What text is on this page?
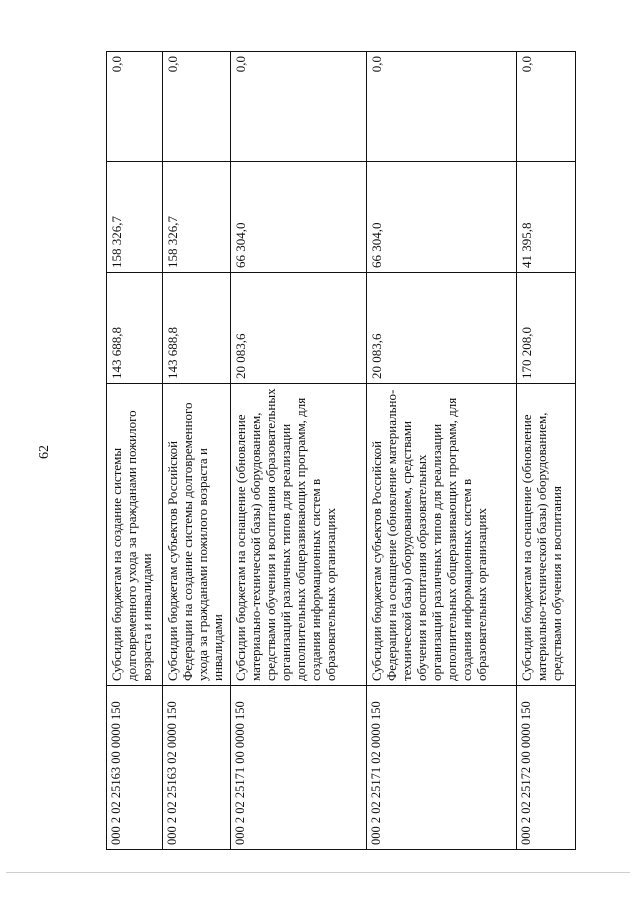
62
000 2 02 25163 00 0000 150	Субсидии бюджетам на создание системы долговременного ухода за гражданами пожилого возраста и инвалидами	143 688,8	158 326,7	0,0
000 2 02 25163 02 0000 150	Субсидии бюджетам субъектов Российской Федерации на создание системы долговременного ухода за гражданами пожилого возраста и инвалидами	143 688,8	158 326,7	0,0
000 2 02 25171 00 0000 150	Субсидии бюджетам на оснащение (обновление материально-технической базы) оборудованием, средствами обучения и воспитания образовательных организаций различных типов для реализации дополнительных общеразвивающих программ, для создания информационных систем в образовательных организациях	20 083,6	66 304,0	0,0
000 2 02 25171 02 0000 150	Субсидии бюджетам субъектов Российской Федерации на оснащение (обновление материально-технической базы) оборудованием, средствами обучения и воспитания образовательных организаций различных типов для реализации дополнительных общеразвивающих программ, для создания информационных систем в образовательных организациях	20 083,6	66 304,0	0,0
000 2 02 25172 00 0000 150	Субсидии бюджетам на оснащение (обновление материально-технической базы) оборудованием, средствами обучения и воспитания	170 208,0	41 395,8	0,0
